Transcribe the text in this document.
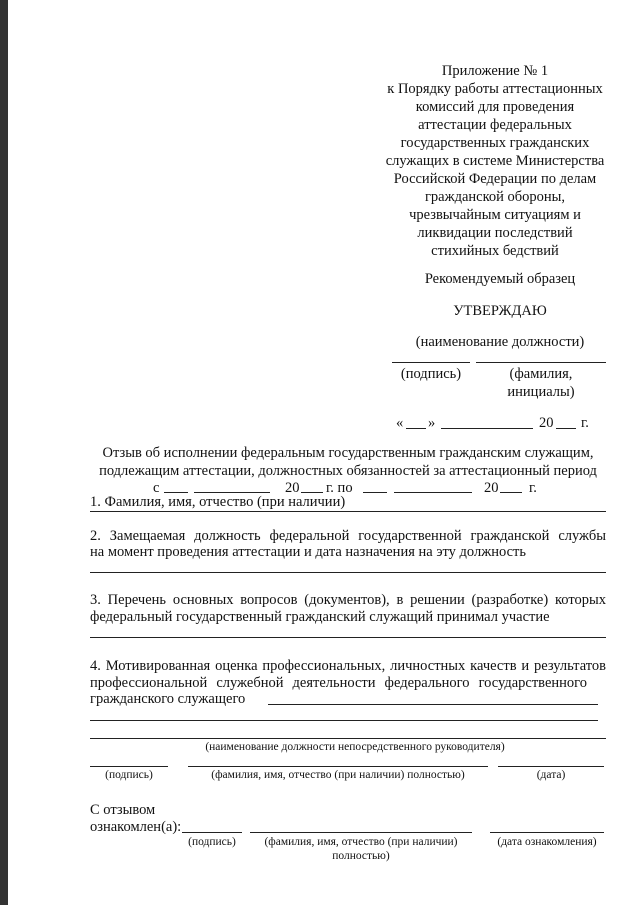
Приложение № 1
к Порядку работы аттестационных
комиссий для проведения
аттестации федеральных
государственных гражданских
служащих в системе Министерства
Российской Федерации по делам
гражданской обороны,
чрезвычайным ситуациям и
ликвидации последствий
стихийных бедствий
Рекомендуемый образец
УТВЕРЖДАЮ
(наименование должности)
(подпись)	(фамилия,
инициалы)
« »	20 г.
Отзыв об исполнении федеральным государственным гражданским служащим,
подлежащим аттестации, должностных обязанностей за аттестационный период
с	20 г. по	20 г.
1. Фамилия, имя, отчество (при наличии)
2. Замещаемая должность федеральной государственной гражданской службы
на момент проведения аттестации и дата назначения на эту должность
3. Перечень основных вопросов (документов), в решении (разработке) которых
федеральный государственный гражданский служащий принимал участие
4. Мотивированная оценка профессиональных, личностных качеств и результатов
профессиональной служебной деятельности федерального государственного
гражданского служащего
(наименование должности непосредственного руководителя)
(подпись)	(фамилия, имя, отчество (при наличии) полностью)	(дата)
С отзывом
ознакомлен(а):
(подпись)	(фамилия, имя, отчество (при наличии)
полностью)
(дата ознакомления)
